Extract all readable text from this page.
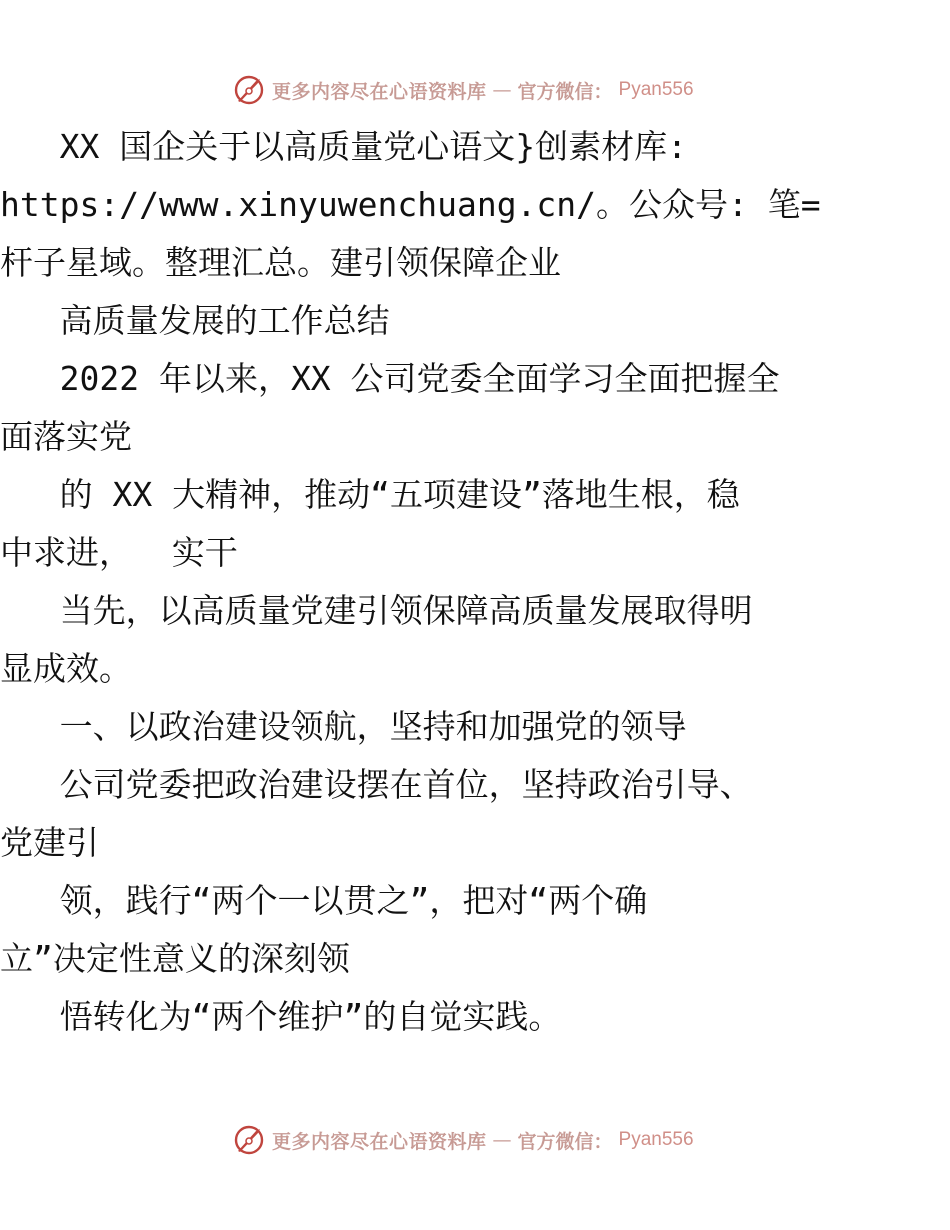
更多内容尽在心语资料库 — 官方微信： Pyan556

XX 国企关于以高质量党心语文}创素材库:

https://www.xinyuwenchuang.cn/。公众号: 笔=

杆子星域。整理汇总。建引领保障企业

高质量发展的工作总结

2022 年以来，XX 公司党委全面学习全面把握全

面落实党

的 XX 大精神，推动“五项建设”落地生根，稳

中求进，  实干

当先，以高质量党建引领保障高质量发展取得明

显成效。

一、以政治建设领航，坚持和加强党的领导

公司党委把政治建设摆在首位，坚持政治引导、

党建引

领，践行“两个一以贯之”，把对“两个确

立”决定性意义的深刻领

悟转化为“两个维护”的自觉实践。

更多内容尽在心语资料库 — 官方微信： Pyan556
